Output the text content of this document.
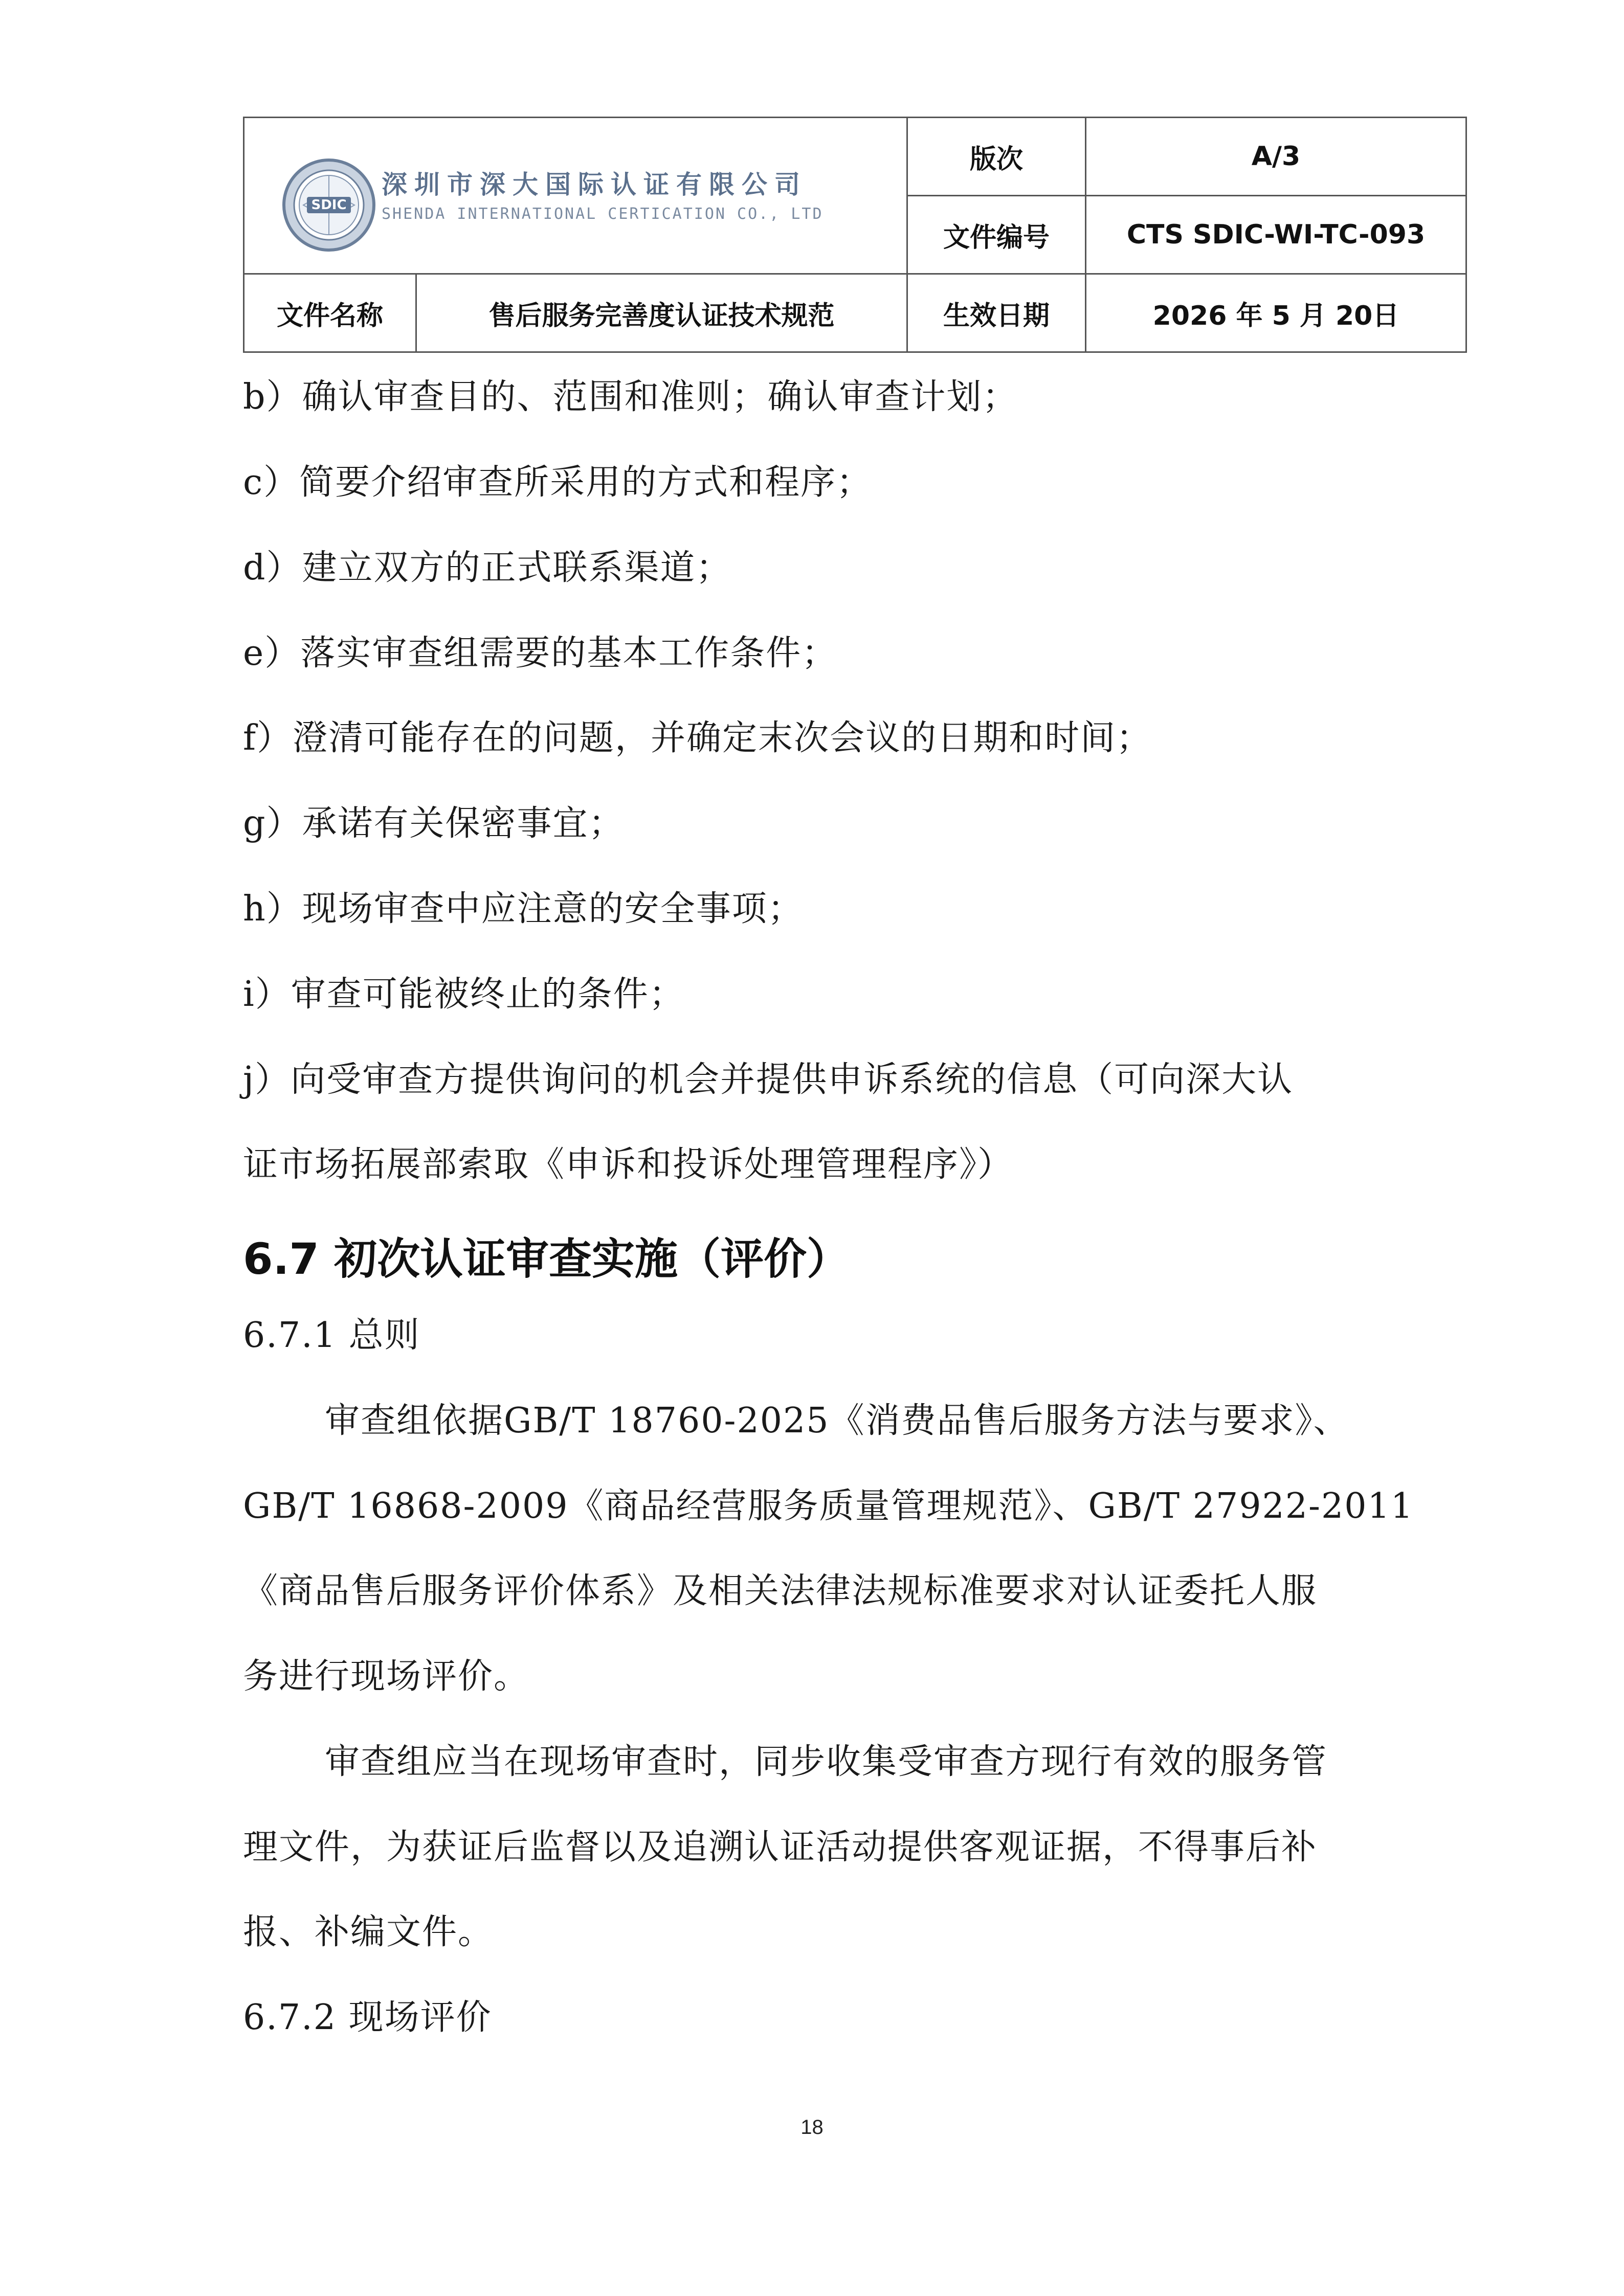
SDIC
深圳市深大国际认证有限公司
SHENDA INTERNATIONAL CERTICATION CO., LTD
版次	A/3
文件编号	CTS SDIC-WI-TC-093
文件名称	售后服务完善度认证技术规范	生效日期	2026 年 5 月 20日
b）确认审查目的、范围和准则；确认审查计划；
c）简要介绍审查所采用的方式和程序；
d）建立双方的正式联系渠道；
e）落实审查组需要的基本工作条件；
f）澄清可能存在的问题，并确定末次会议的日期和时间；
g）承诺有关保密事宜；
h）现场审查中应注意的安全事项；
i）审查可能被终止的条件；
j）向受审查方提供询问的机会并提供申诉系统的信息（可向深大认
证市场拓展部索取《申诉和投诉处理管理程序》）
6.7 初次认证审查实施（评价）
6.7.1 总则
审查组依据GB/T 18760-2025《消费品售后服务方法与要求》、
GB/T 16868-2009《商品经营服务质量管理规范》、GB/T 27922-2011
《商品售后服务评价体系》及相关法律法规标准要求对认证委托人服
务进行现场评价。
审查组应当在现场审查时，同步收集受审查方现行有效的服务管
理文件，为获证后监督以及追溯认证活动提供客观证据，不得事后补
报、补编文件。
6.7.2 现场评价
18
